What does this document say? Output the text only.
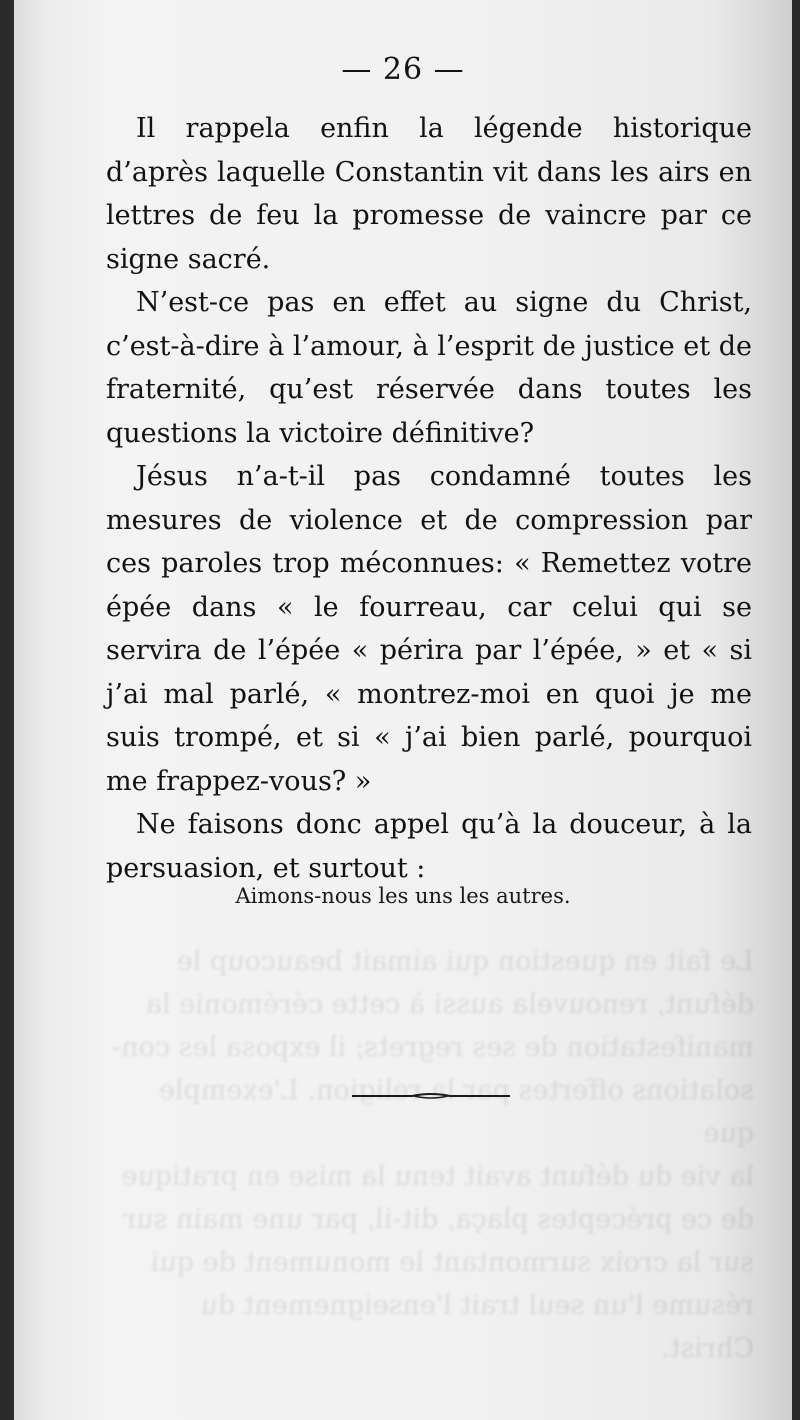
Le fait en question qui aimait beaucoup le
défunt, renouvela aussi à cette cérémonie la
manifestation de ses regrets; il exposa les con-
solations offertes par la religion. L'exemple que
la vie du défunt avait tenu la mise en pratique
de ce préceptes plaça, dit-il, par une main sur
sur la croix surmontant le monument de qui
résume l'un seul trait l'enseignement du Christ.
— 26 —

Il rappela enfin la légende historique d’après laquelle Constantin vit dans les airs en lettres de feu la promesse de vaincre par ce signe sacré.

N’est-ce pas en effet au signe du Christ, c’est-à-dire à l’amour, à l’esprit de justice et de fraternité, qu’est réservée dans toutes les questions la victoire définitive?

Jésus n’a-t-il pas condamné toutes les mesures de violence et de compression par ces paroles trop méconnues: « Remettez votre épée dans « le fourreau, car celui qui se servira de l’épée « périra par l’épée, » et « si j’ai mal parlé, « montrez-moi en quoi je me suis trompé, et si « j’ai bien parlé, pourquoi me frappez-vous? »

Ne faisons donc appel qu’à la douceur, à la persuasion, et surtout :

Aimons-nous les uns les autres.
